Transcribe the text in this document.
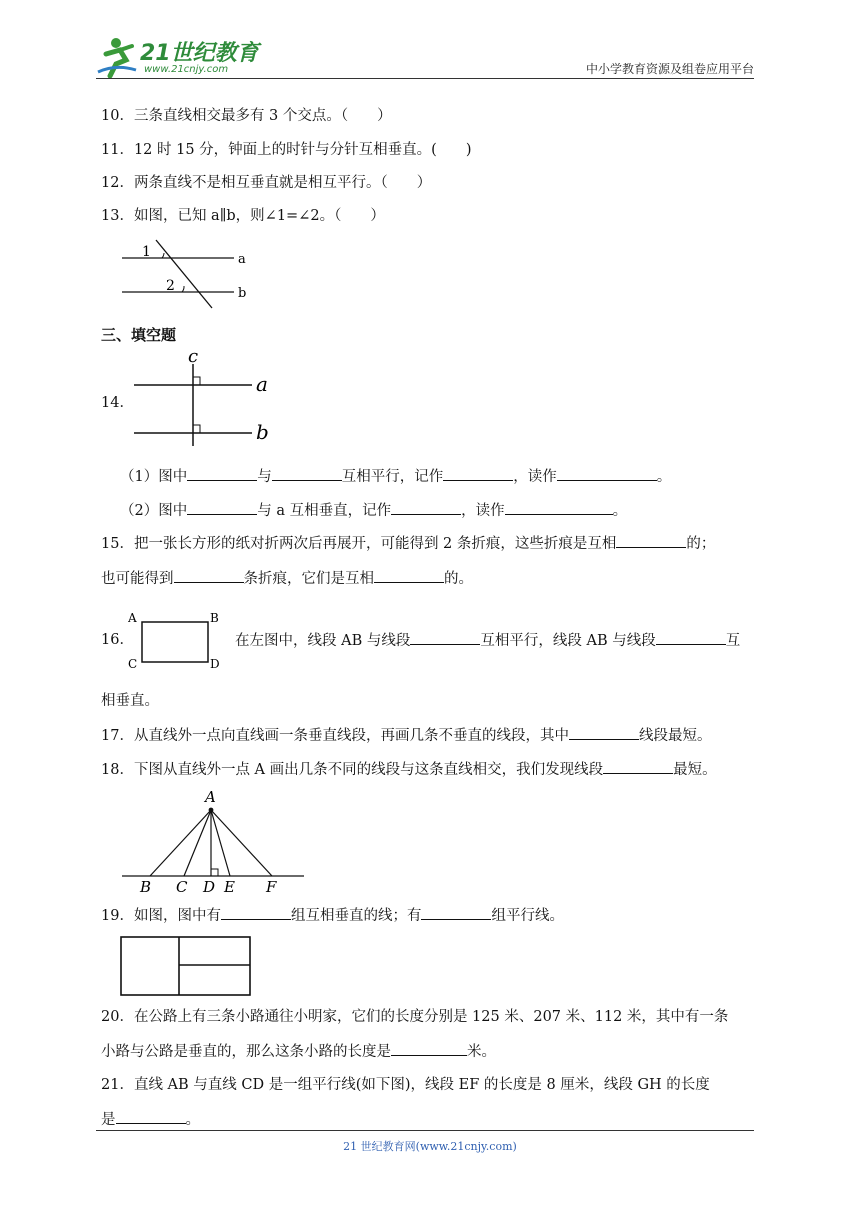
21世纪教育
www.21cnjy.com	中小学教育资源及组卷应用平台
10．三条直线相交最多有 3 个交点。（　　）
11．12 时 15 分，钟面上的时针与分针互相垂直。(　　)
12．两条直线不是相互垂直就是相互平行。（　　）
13．如图，已知 a∥b，则∠1=∠2。（　　）
1
2
a
b
三、填空题
14．
c
a
b
（1）图中	与	互相平行，记作	，读作	。
（2）图中	与 a 互相垂直，记作	，读作	。
15．把一张长方形的纸对折两次后再展开，可能得到 2 条折痕，这些折痕是互相	的；
也可能得到	条折痕，它们是互相	的。
16．
A	B
C	D
在左图中，线段 AB 与线段	互相平行，线段 AB 与线段	互
相垂直。
17．从直线外一点向直线画一条垂直线段，再画几条不垂直的线段，其中	线段最短。
18．下图从直线外一点 A 画出几条不同的线段与这条直线相交，我们发现线段	最短。
A
B C D E F
19．如图，图中有	组互相垂直的线；有	组平行线。
20．在公路上有三条小路通往小明家，它们的长度分别是 125 米、207 米、112 米，其中有一条
小路与公路是垂直的，那么这条小路的长度是	米。
21．直线 AB 与直线 CD 是一组平行线(如下图)，线段 EF 的长度是 8 厘米，线段 GH 的长度
是	。
21 世纪教育网(www.21cnjy.com)
